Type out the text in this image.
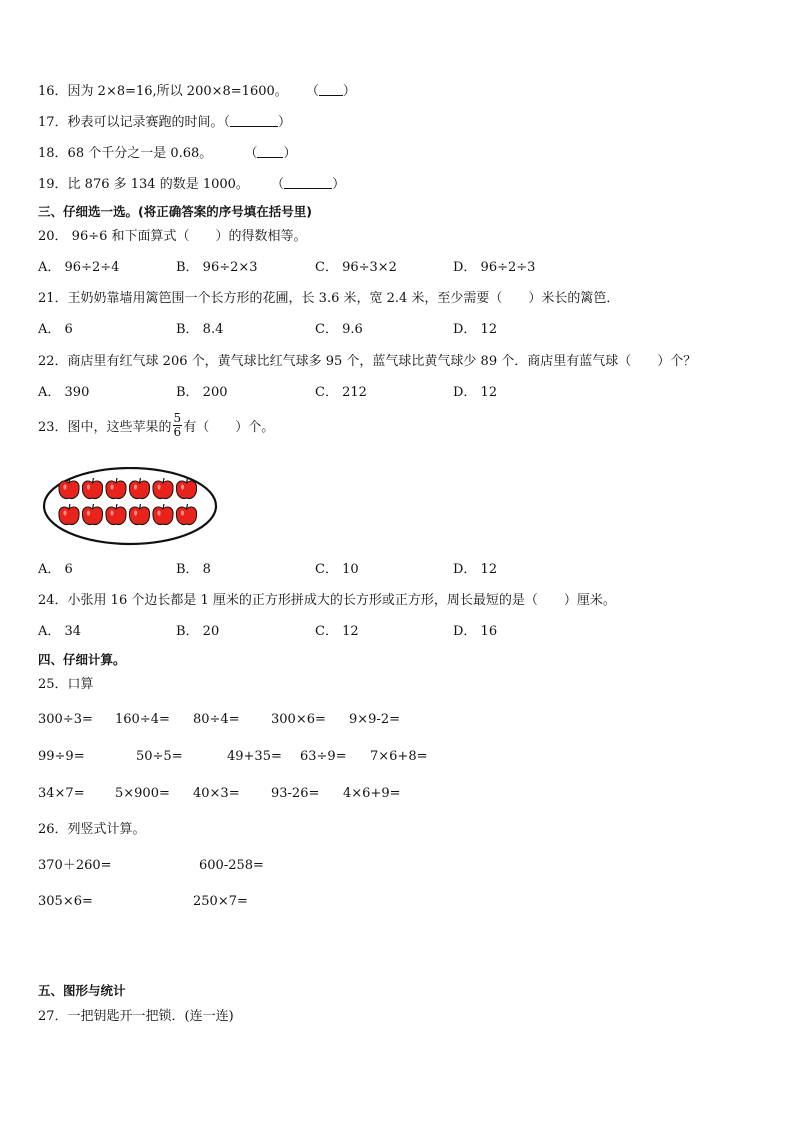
16．因为 2×8=16,所以 200×8=1600。 （ ）
17．秒表可以记录赛跑的时间。（	）
18．68 个千分之一是 0.68。 （ ）
19．比 876 多 134 的数是 1000。 （	）
三、仔细选一选。(将正确答案的序号填在括号里)
20． 96÷6 和下面算式（　　）的得数相等。
A． 96÷2÷4	B． 96÷2×3	C． 96÷3×2	D． 96÷2÷3
21．王奶奶靠墙用篱笆围一个长方形的花圃，长 3.6 米，宽 2.4 米，至少需要（　　）米长的篱笆．
A． 6	B． 8.4	C． 9.6	D． 12
22．商店里有红气球 206 个，黄气球比红气球多 95 个，蓝气球比黄气球少 89 个．商店里有蓝气球（　　）个？
A． 390	B． 200	C． 212	D． 12
23．图中，这些苹果的 $\frac{5}{6}$ 有（　　）个。
A． 6	B． 8	C． 10	D． 12
24．小张用 16 个边长都是 1 厘米的正方形拼成大的长方形或正方形，周长最短的是（　　）厘米。
A． 34	B． 20	C． 12	D． 16
四、仔细计算。
25．口算
300÷3= 160÷4= 80÷4= 300×6= 9×9-2=
99÷9=	50÷5=	49+35= 63÷9= 7×6+8=
34×7= 5×900= 40×3= 93-26= 4×6+9=
26．列竖式计算。
370＋260=	600-258=
305×6=	250×7=
五、图形与统计
27．一把钥匙开一把锁．(连一连)
